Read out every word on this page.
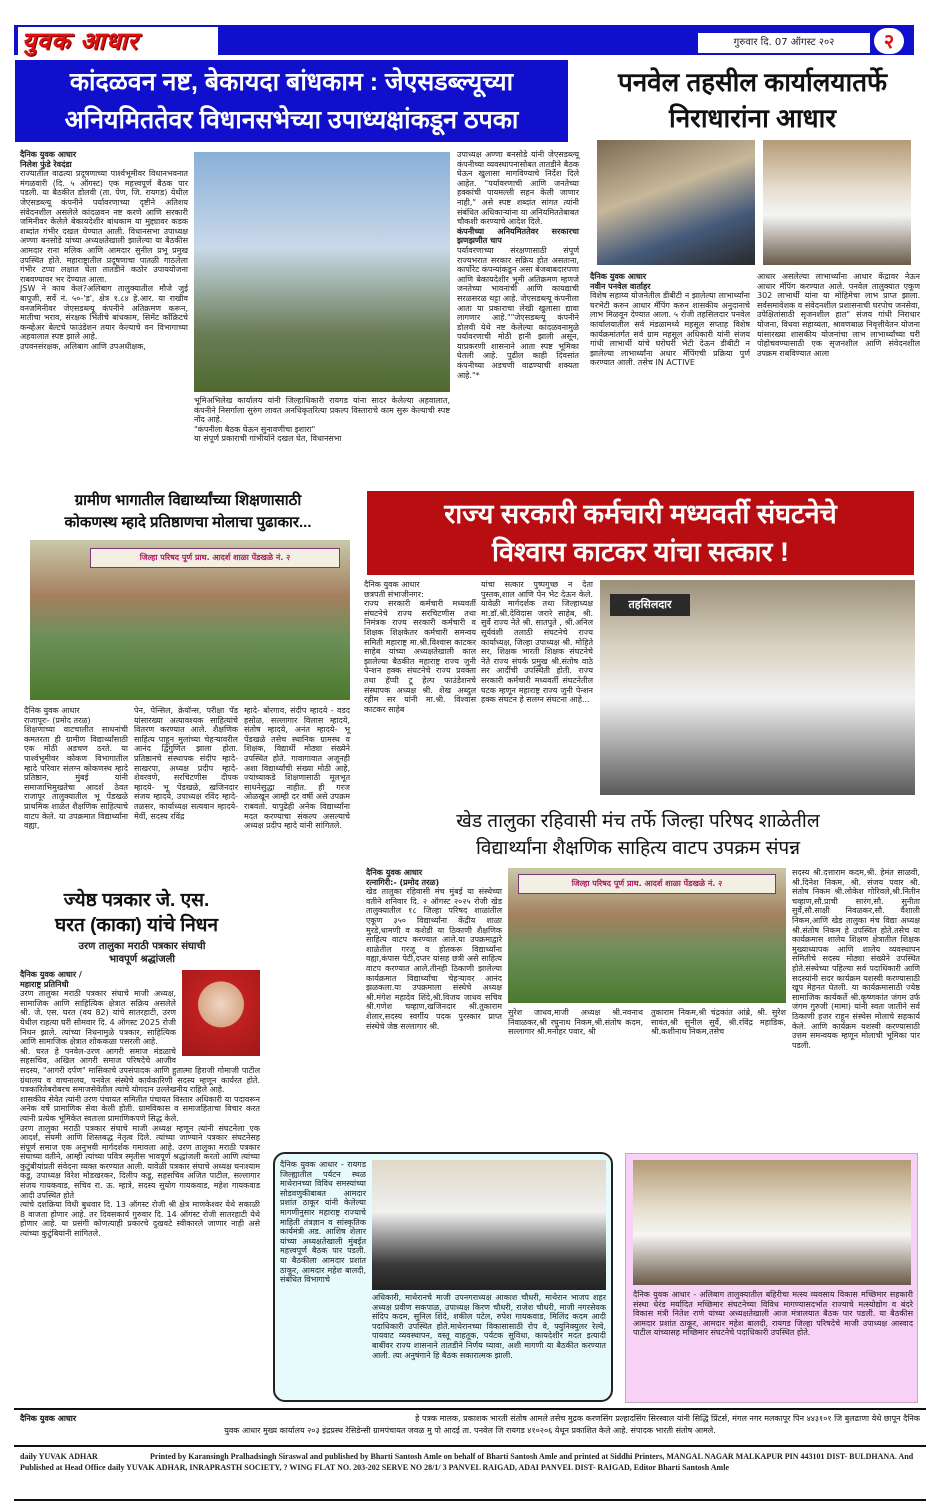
युवक आधार	गुरुवार दि. 07 ऑगस्ट २०२	२
कांदळवन नष्ट, बेकायदा बांधकाम : जेएसडब्ल्यूच्या
अनियमिततेवर विधानसभेच्या उपाध्यक्षांकडून ठपका

दैनिक युवक आधार

निलेश फुंडे रेवदंडा

राज्यातील वाढत्या प्रदूषणाच्या पार्श्वभूमीवर विधानभवनात मंगळवारी (दि. ५ ऑगस्ट) एक महत्त्वपूर्ण बैठक पार पडली. या बैठकीत डोलवी (ता. पेण, जि. रायगड) येथील जेएसडब्ल्यू कंपनीने पर्यावरणाच्या दृष्टीने अतिशय संवेदनशील असलेले कांदळवन नष्ट करणे आणि सरकारी जमिनीवर केलेले बेकायदेशीर बांधकाम या मुद्द्यावर कडक शब्दांत गंभीर दखल घेण्यात आली. विधानसभा उपाध्यक्ष अण्णा बनसोडे यांच्या अध्यक्षतेखाली झालेल्या या बैठकीस आमदार राना मलिक आणि आमदार सुनील प्रभू प्रमुख उपस्थित होते. महाराष्ट्रातील प्रदूषणाचा पातळी गाठलेला गंभीर टप्पा लक्षात घेता तातडीने कठोर उपाययोजना राबवण्यावर भर देण्यात आला.

JSW ने काय केलं?अलिबाग तालुक्यातील मौजे जुई बापूजी, सर्वे नं. ५०-'ड', क्षेत्र १.८४ हे.आर. या राखीव वनजमिनीवर जेएसडब्ल्यू कंपनीने अतिक्रमण करून, मातीचा भराव, संरक्षक भिंतीचे बांधकाम, सिमेंट काँक्रिटचे कन्व्हेअर बेल्टचे फाउंडेशन तयार केल्याचे वन विभागाच्या अहवालात स्पष्ट झाले आहे.

उपवनसंरक्षक, अलिबाग आणि उपअधीक्षक,

भूमिअभिलेख कार्यालय यांनी जिल्हाधिकारी रायगड यांना सादर केलेल्या अहवालात, कंपनीने निसर्गाला सुरुंग लावत अनधिकृतरित्या प्रकल्प विस्ताराचे काम सुरू केल्याची स्पष्ट नोंद आहे.

"कंपनीला बैठक घेऊन सुनावणीचा इशारा"

या संपूर्ण प्रकाराची गांभीर्याने दखल घेत, विधानसभा

उपाध्यक्ष अण्णा बनसोडे यांनी जेएसडब्ल्यू कंपनीच्या व्यवस्थापनासोबत तातडीने बैठक घेऊन खुलासा मागविण्याचे निर्देश दिले आहेत. "पर्यावरणाची आणि जनतेच्या हक्कांची पायमल्ली सहन केली जाणार नाही," असे स्पष्ट शब्दांत सांगत त्यांनी संबंधित अधिकाऱ्यांना या अनियमिततेबाबत चौकशी करण्याचे आदेश दिले.

कंपनीच्या अनियमिततेवर सरकारचा झणझणीत चाप

पर्यावरणाच्या संरक्षणासाठी संपूर्ण राज्यभरात सरकार सक्रिय होत असताना, कार्पोरेट कंपन्यांकडून असा बेजबाबदारपणा आणि बेकायदेशीर भूमी अतिक्रमण म्हणजे जनतेच्या भावनांची आणि कायद्याची सरळसरळ थट्टा आहे. जेएसडब्ल्यू कंपनीला आता या प्रकाराचा लेखी खुलासा द्यावा लागणार आहे.""जेएसडब्ल्यू कंपनीने डोलवी येथे नष्ट केलेल्या कांदळवनामुळे पर्यावरणाची मोठी हानी झाली असून, याप्रकरणी शासनाने आता स्पष्ट भूमिका घेतली आहे. पुढील काही दिवसांत कंपनीच्या अडचणी वाढण्याची शक्यता आहे."*

पनवेल तहसील कार्यालयातर्फे
निराधारांना आधार

दैनिक युवक आधार

नवीन पनवेल वार्ताहर

विशेष सहाय्य योजनेतील डीबीटी न झालेल्या लाभार्थ्यांना घरभेटी करुन आधार मॅपिंग करुन शासकीय अनुदानाचे लाभ मिळवून देण्यात आला. ५ रोजी तहसिलदार पनवेल कार्यालयातील सर्व मंडळामध्ये महसूल सप्ताह विशेष कार्यक्रमांतर्गत सर्व ग्राम महसूल अधिकारी यांनी संजय गांधी लाभार्थी यांचे घरोघरी भेटी देऊन डीबीटी न झालेल्या लाभार्थ्यांना अधार मॅपिंगची प्रक्रिया पुर्ण करण्यात आली. तसेच IN ACTIVE

आधार असलेल्या लाभार्थ्यांना आधार केंद्रावर नेऊन आधार मॅपिंग करण्यात आले. पनवेल तालुक्यात एकूण 302 लाभार्थी यांना या मोहिमेचा लाभ प्राप्त झाला. सर्वसमावेशक व संवेदनशील प्रशासनाची घरपोच जनसेवा, उपेक्षितांसाठी सृजनशील हात" संजय गांधी निराधार योजना, विधवा सहाय्यता, श्रावणबाळ निवृत्तीवेतन योजना यांसारख्या शासकीय योजनांचा लाभ लाभार्थ्यांच्या घरी पोहोचवण्यासाठी एक सृजनशील आणि संवेदनशील उपक्रम राबविण्यात आला

ग्रामीण भागातील विद्यार्थ्यांच्या शिक्षणासाठी
कोकणस्थ म्हादे प्रतिष्ठाणचा मोलाचा पुढाकार...
जिल्हा परिषद पूर्ण प्राथ. आदर्श शाळा पेंडखळे नं. २

दैनिक युवक आधार

राजापूरः- (प्रमोद तरळ)

शिक्षणाच्या वाटचालीत साधनांची कमतरता ही ग्रामीण विद्यार्थ्यांसाठी एक मोठी अडचण ठरते. या पार्श्वभूमीवर कोकण विभागातील म्हादे परिवार संलग्न कोकणस्थ म्हादे प्रतिष्ठान, मुंबई यांनी समाजाभिमुखतेचा आदर्श ठेवत राजापूर तालुक्यातील भू पेंडखळे प्राथमिक शाळेत शैक्षणिक साहित्याचे वाटप केले. या उपक्रमात विद्यार्थ्यांना वह्या,

पेन, पेन्सिल, क्रेयॉन्स, परीक्षा पॅड यांसारख्या अत्यावश्यक साहित्यांचे वितरण करण्यात आले. शैक्षणिक साहित्य पाहून मुलांच्या चेहऱ्यावरील आनंद द्विगुणित झाला होता. प्रतिष्ठानचे संस्थापक संदीप म्हादे- साखरपा, अध्यक्ष प्रदीप म्हादे- शेवरवणे, सरचिटणीस दीपक म्हादये- भू पेंडखळे, खजिनदार संजय म्हादये, उपाध्यक्ष रविंद म्हादे- तळसर, कार्याध्यक्ष सत्यवान म्हादये- मेर्वी, सदस्य रविंद्र

म्हादे- बोरगाव, संदीप म्हादये - वडद हसोळ, सल्लागार विलास म्हादये, संतोष म्हादये, अनंत म्हादये- भू पेंडखळे तसेच स्थानिक ग्रामस्थ व शिक्षक, विद्यार्थी मोठ्या संख्येने उपस्थित होते. गावागावात अजूनही अशा विद्यार्थ्यांची संख्या मोठी आहे, ज्यांच्याकडे शिक्षणासाठी मूलभूत साधनेसुद्धा नाहीत. ही गरज ओळखून आम्ही दर वर्षी असे उपक्रम राबवतो. यापुढेही अनेक विद्यार्थ्यांना मदत करण्याचा संकल्प असल्याचे अध्यक्ष प्रदीप म्हादे यांनी सांगितले.

राज्य सरकारी कर्मचारी मध्यवर्ती संघटनेचे
विश्वास काटकर यांचा सत्कार !

दैनिक युवक आधार

छत्रपती संभाजीनगर:

राज्य सरकारी कर्मचारी मध्यवर्ती संघटनेचे राज्य सरचिटणीस तथा निमंत्रक राज्य सरकारी कर्मचारी व शिक्षक शिक्षकेतर कर्मचारी समन्वय समिती महाराष्ट्र मा.श्री.विश्वास काटकर साहेब यांच्या अध्यक्षतेखाली काल झालेल्या बैठकीत महाराष्ट्र राज्य जुनी पेन्शन हक्क संघटनेचे राज्य प्रवक्ता तथा हॅप्पी टू हेल्प फाउंडेशनचे संस्थापक अध्यक्ष श्री. शेख अब्दुल रहीम सर यांनी मा.श्री. विश्वास काटकर साहेब

यांचा सत्कार पुष्पगुच्छ न देता पुस्तक,शाल आणि पेन भेट देऊन केले. यावेळी मार्गदर्शक तथा जिल्हाध्यक्ष मा.डॉ.श्री.देविदास जरारे साहेब, श्री. सुर्वे राज्य नेते श्री. सातपुते , श्री.अनिल सूर्यवंशी तलाठी संघटनेचे राज्य कार्याध्यक्ष, जिल्हा उपाध्यक्ष श्री. मोहिते सर, शिक्षक भारती शिक्षक संघटनेचे नेते राज्य संपर्क प्रमुख श्री.संतोष वाठे सर आदींची उपस्थिती होती. राज्य सरकारी कर्मचारी मध्यवर्ती संघटनेतील घटक म्हणून महाराष्ट्र राज्य जुनी पेन्शन हक्क संघटन हे सलग्न संघटना आहे...

तहसिलदार
ज्येष्ठ पत्रकार जे. एस.
घरत (काका) यांचे निधन
उरण तालुका मराठी पत्रकार संघाची
भावपूर्ण श्रद्धांजली

दैनिक युवक आधार /

महाराष्ट्र प्रतिनिधी

उरण तालुका मराठी पत्रकार संघाचे माजी अध्यक्ष, सामाजिक आणि साहित्यिक क्षेत्रात सक्रिय असलेले श्री. जे. एस. घरत (वय 82) यांचे सातरहाटी, उरण येथील राहत्या घरी सोमवार दि. 4 ऑगस्ट 2025 रोजी निधन झाले. त्यांच्या निधनामुळे पत्रकार, साहित्यिक आणि सामाजिक क्षेत्रात शोककळा पसरली आहे.

श्री. घरत हे पनवेल-उरण आगरी समाज मंडळाचे सहसचिव, अखिल आगरी समाज परिषदेचे आजीव सदस्य, "आगरी दर्पण" मासिकाचे उपसंपादक आणि हुतात्मा हिराजी गोमाजी पाटील ग्रंथालय व वाचनालय, पनवेल संस्थेचे कार्यकारिणी सदस्य म्हणून कार्यरत होते. पत्रकारितेबरोबरच समाजसेवेतील त्यांचे योगदान उल्लेखनीय राहिले आहे.

शासकीय सेवेत त्यांनी उरण पंचायत समितीत पंचायत विस्तार अधिकारी या पदावरून अनेक वर्षे प्रामाणिक सेवा केली होती. ग्रामविकास व समाजहिताचा विचार करत त्यांनी प्रत्येक भूमिकेत स्वतःला प्रामाणिकपणे सिद्ध केले.

उरण तालुका मराठी पत्रकार संघाचे माजी अध्यक्ष म्हणून त्यांनी संघटनेला एक आदर्श, संयमी आणि शिस्तबद्ध नेतृत्व दिले. त्यांच्या जाण्याने पत्रकार संघटनेसह संपूर्ण समाज एक अनुभवी मार्गदर्शक गमावला आहे. उरण तालुका मराठी पत्रकार संघाच्या वतीने, आम्ही त्यांच्या पवित्र स्मृतीस भावपूर्ण श्रद्धांजली करतो आणि त्यांच्या कुटुंबीयांप्रती संवेदना व्यक्त करण्यात आली. यावेळी पत्रकार संघाचे अध्यक्ष घनःश्याम कडू, उपाध्यक्ष विरेश मोडखरकर, दिलीप कडू, सहसचिव अजित पाटील, सल्लागार संजय गायकवाड, सचिव रा. ऊ. म्हात्रे, सदस्य सुयोग गायकवाड, महेश गायकवाड आदी उपस्थित होते

त्यांचे दशक्रिया विधी बुधवार दि. 13 ऑगस्ट रोजी श्री क्षेत्र माणकेश्वर येथे सकाळी 8 वाजता होणार आहे. तर दिवसकार्य गुरुवार दि. 14 ऑगस्ट रोजी सातरहाटी येथे होणार आहे. या प्रसंगी कोणत्याही प्रकारचे दुखवटे स्वीकारले जाणार नाही असे त्यांच्या कुटुंबियांनी सांगितले.

खेड तालुका रहिवासी मंच तर्फे जिल्हा परिषद शाळेतील
विद्यार्थ्यांना शैक्षणिक साहित्य वाटप उपक्रम संपन्न

दैनिक युवक आधार

रत्नागिरी:- (प्रमोद तरळ)

खेड तालुका रहिवासी मंच मुंबई या संस्थेच्या वतीने शनिवार दि. २ ऑगस्ट २०२५ रोजी खेड तालुक्यातील १८ जिल्हा परिषद शाळांतील एकूण ३५० विद्यार्थ्यांना केंद्रीय शाळा मुरडे,धामणी व कशेडी या ठिकाणी शैक्षणिक साहित्य वाटप करण्यात आले.या उपक्रमाद्वारे शाळेतील गरजू व होतकरू विद्यार्थ्यांना वह्या,कंपास पेटी,दप्तर यांसह छत्री असे साहित्य वाटप करण्यात आले.तीनही ठिकाणी झालेल्या कार्यक्रमात विद्यार्थ्यांचा चेहऱ्यावर आनंद झळकला.या उपक्रमाला संस्थेचे अध्यक्ष श्री.मंगेश महादेव शिंदे,श्री.विजय जाधव सचिव श्री.गणेश चव्हाण,खजिनदार श्री.तुकाराम शेलार,सदस्य स्वर्गीय पदक पुरस्कार प्राप्त संस्थेचे जेष्ठ सल्लागार श्री.

जिल्हा परिषद पूर्ण प्राथ. आदर्श शाळा पेंडखळे नं. २

सुरेश जाधव,माजी अध्यक्ष श्री.नवनाथ निवाळकर,श्री रघुनाथ निकम,श्री.संतोष कदम, सल्लागार श्री.मनोहर पवार, श्री

तुकाराम निकम,श्री चंद्रकांत आंब्रे, श्री. सुरेश सावंत,श्री सुनील सुर्वे, श्री.रविंद्र महाडिक, श्री.कशीनाथ निकम,तसेच

सदस्य श्री.दत्ताराम कदम,श्री. हेमंत साळवी, श्री.दिनेश निकम, श्री. संजय पवार श्री. संतोष निकम श्री.लोकेश गोरिवले,श्री.नितीन चव्हाण,सौ.प्राची सारंग,सौ. सुनीता सुर्वे,सौ.साक्षी निवळकर,सौ. वैशाली निकम,आणि खेड तालुका मंच विद्या अध्यक्ष श्री.संतोष निकम हे उपस्थित होते.तसेच या कार्यक्रमास शालेय शिक्षण क्षेत्रातील शिक्षक मुख्याध्यापक आणि शालेय व्यवस्थापन समितीचे सदस्य मोठ्या संख्येने उपस्थित होते.संस्थेच्या पहिल्या सर्व पदाधिकारी आणि सदस्यांनी सदर कार्यक्रम यशस्वी करण्यासाठी खूप मेहनत घेतली. या कार्यक्रमासाठी ज्येष्ठ सामाजिक कार्यकर्ते श्री.कृष्णकांत जंगम उर्फ जंगम गुरुजी (मामा) यांनी स्वतः जातीने सर्व ठिकाणी हजर राहून संस्थेस मोलाचे सहकार्य केले. आणि कार्यक्रम यशस्वी करण्यासाठी उत्तम समन्वयक म्हणून मोलाची भूमिका पार पडली.

दैनिक युवक आधार - रायगड जिल्ह्यातील पर्यटन स्थळ माथेरानच्या विविध समस्यांच्या सोडवणुकीबाबत आमदार प्रशांत ठाकूर यांनी केलेल्या मागणीनुसार महाराष्ट्र राज्याचे माहिती तंत्रज्ञान व सांस्कृतिक कार्यमंत्री अड. आशिष शेलार यांच्या अध्यक्षतेखाली मुंबईत महत्त्वपूर्ण बैठक पार पडली. या बैठकीला आमदार प्रशांत ठाकूर, आमदार महेश बालदी, संबंधित विभागाचे

अधिकारी, माथेरानचे माजी उपनगराध्यक्ष आकाश चौधरी, माथेरान भाजप शहर अध्यक्ष प्रवीण सकपाळ, उपाध्यक्ष किरण चौधरी, राजेश चौधरी, माजी नगरसेवक संदिप कदम, सुनिल शिंदे, शकील पटेल, रुपेश गायकवाड, मिलिंद कदम आदी पदाधिकारी उपस्थित होते.माथेरानच्या विकासासाठी रोप वे, फ्युनिक्युलर रेल्वे, पायवाट व्यवस्थापन, वस्तू वाहतूक, पर्यटक सुविधा, कायदेशीर मदत इत्यादी बाबींवर राज्य शासनाने तातडीने निर्णय घ्यावा, अशी मागणी या बैठकीत करण्यात आली. त्या अनुषंगाने हि बैठक सकारात्मक झाली.

दैनिक युवक आधार - अलिबाग तालुक्यातील बहिरीचा मत्स्य व्यवसाय विकास मच्छिमार सहकारी संस्था धेरंड मर्यादित मच्छिमार संघटनेच्या विविध मागण्यासदर्भात राज्याचे मत्स्योद्योग व बंदरे विकास मंत्री नितेश राणे यांच्या अध्यक्षतेखाली आज मंत्रालयात बैठक पार पडली. या बैठकीस आमदार प्रशांत ठाकूर, आमदार महेश बालदी, रायगड जिल्हा परिषदेचे माजी उपाध्यक्ष आस्वाद पाटील यांच्यासह मच्छिमार संघटनेचे पदाधिकारी उपस्थित होते.

दैनिक युवक आधार	हे पत्रक मालक, प्रकाशक भारती संतोष आमले तसेच मुद्रक करणसिंग प्रल्हादसिंग सिरस्वाल यांनी सिद्धि प्रिंटर्स, मंगल नगर मलकापूर पिन ४४३१०१ जि बुलढाणा येथे छापून दैनिक
युवक आधार मुख्य कार्यालय २०३ इंद्रप्रस्थ रेसिडेन्सी ग्रामपंचायत जवळ मु पो आदई ता. पनवेल जि रायगड ४१०२०६ येथून प्रकाशित केले आहे. संपादक भारती संतोष आमले.
daily YUVAK ADHAR	Printed by Karansingh Pralhadsingh Siraswal and published by Bharti Santosh Amle on behalf of Bharti Santosh Amle and printed at Siddhi Printers, MANGAL NAGAR MALKAPUR PIN 443101 DIST- BULDHANA. And Published at Head Office daily YUVAK ADHAR, INRAPRASTH SOCIETY, ? WING FLAT NO. 203-202 SERVE NO 28/1/ 3 PANVEL RAIGAD, ADAI PANVEL DIST- RAIGAD, Editor Bharti Santosh Amle
